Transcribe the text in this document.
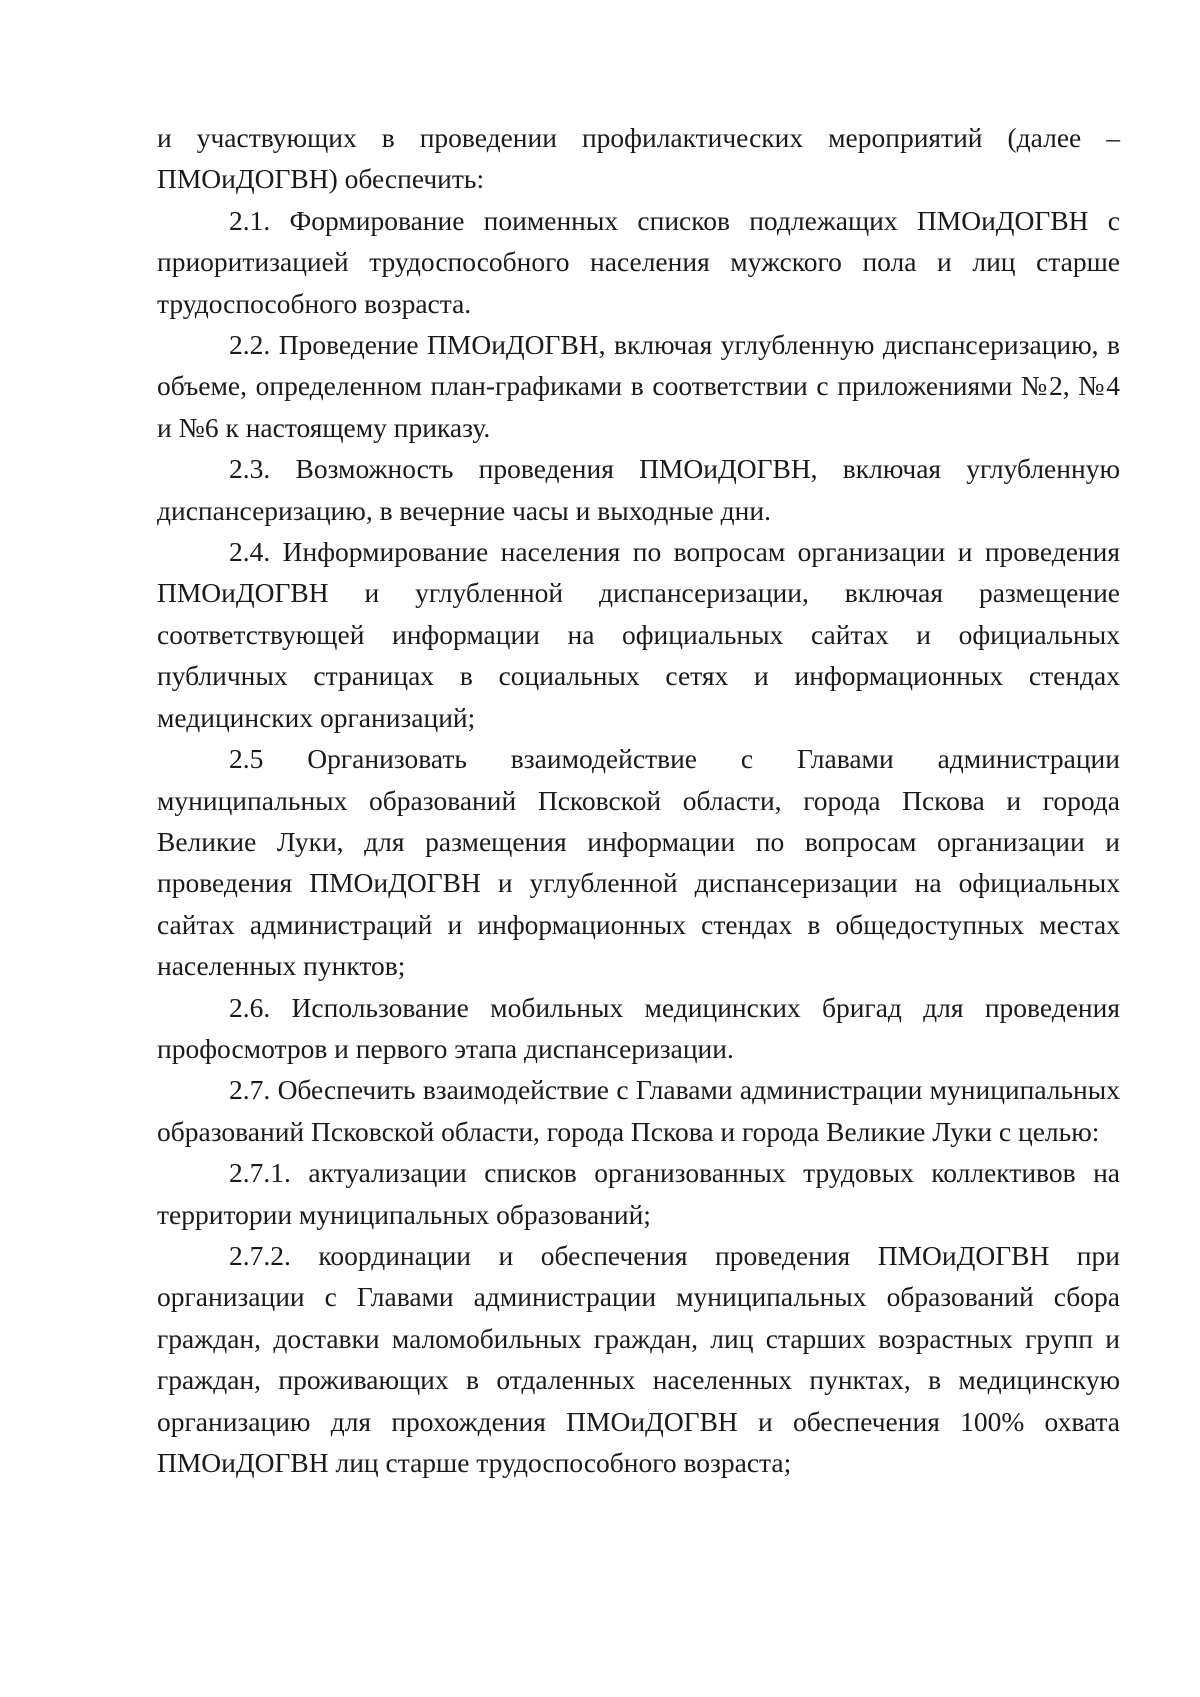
и участвующих в проведении профилактических мероприятий (далее – ПМОиДОГВН) обеспечить:

2.1. Формирование поименных списков подлежащих ПМОиДОГВН с приоритизацией трудоспособного населения мужского пола и лиц старше трудоспособного возраста.

2.2. Проведение ПМОиДОГВН, включая углубленную диспансеризацию, в объеме, определенном план-графиками в соответствии с приложениями №2, №4 и №6 к настоящему приказу.

2.3. Возможность проведения ПМОиДОГВН, включая углубленную диспансеризацию, в вечерние часы и выходные дни.

2.4. Информирование населения по вопросам организации и проведения ПМОиДОГВН и углубленной диспансеризации, включая размещение соответствующей информации на официальных сайтах и официальных публичных страницах в социальных сетях и информационных стендах медицинских организаций;

2.5 Организовать взаимодействие с Главами администрации муниципальных образований Псковской области, города Пскова и города Великие Луки, для размещения информации по вопросам организации и проведения ПМОиДОГВН и углубленной диспансеризации на официальных сайтах администраций и информационных стендах в общедоступных местах населенных пунктов;

2.6. Использование мобильных медицинских бригад для проведения профосмотров и первого этапа диспансеризации.

2.7. Обеспечить взаимодействие с Главами администрации муниципальных образований Псковской области, города Пскова и города Великие Луки с целью:

2.7.1. актуализации списков организованных трудовых коллективов на территории муниципальных образований;

2.7.2. координации и обеспечения проведения ПМОиДОГВН при организации с Главами администрации муниципальных образований сбора граждан, доставки маломобильных граждан, лиц старших возрастных групп и граждан, проживающих в отдаленных населенных пунктах, в медицинскую организацию для прохождения ПМОиДОГВН и обеспечения 100% охвата ПМОиДОГВН лиц старше трудоспособного возраста;
